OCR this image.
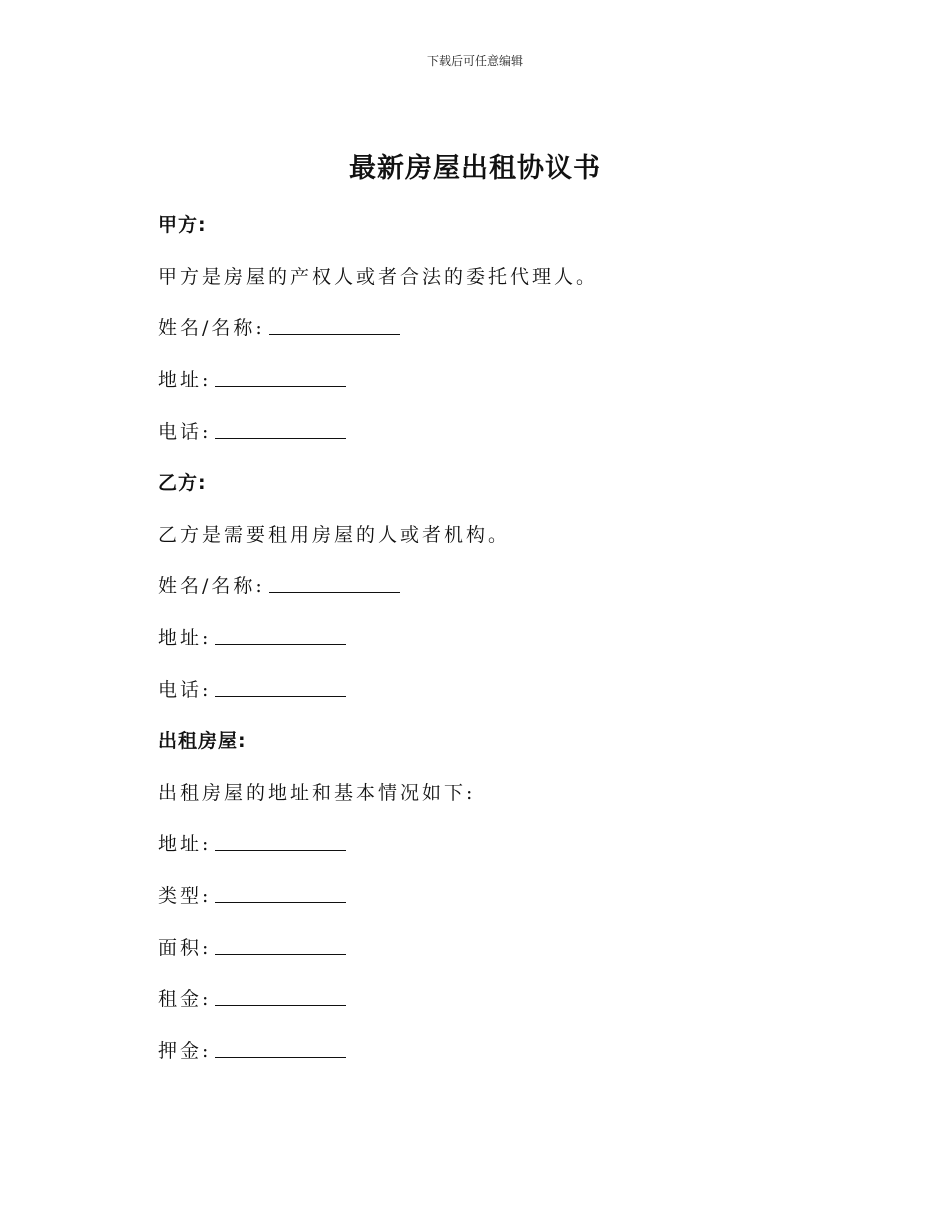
下载后可任意编辑
最新房屋出租协议书
甲方:
甲方是房屋的产权人或者合法的委托代理人。
姓名/名称:
地址:
电话:
乙方:
乙方是需要租用房屋的人或者机构。
姓名/名称:
地址:
电话:
出租房屋:
出租房屋的地址和基本情况如下:
地址:
类型:
面积:
租金:
押金:
